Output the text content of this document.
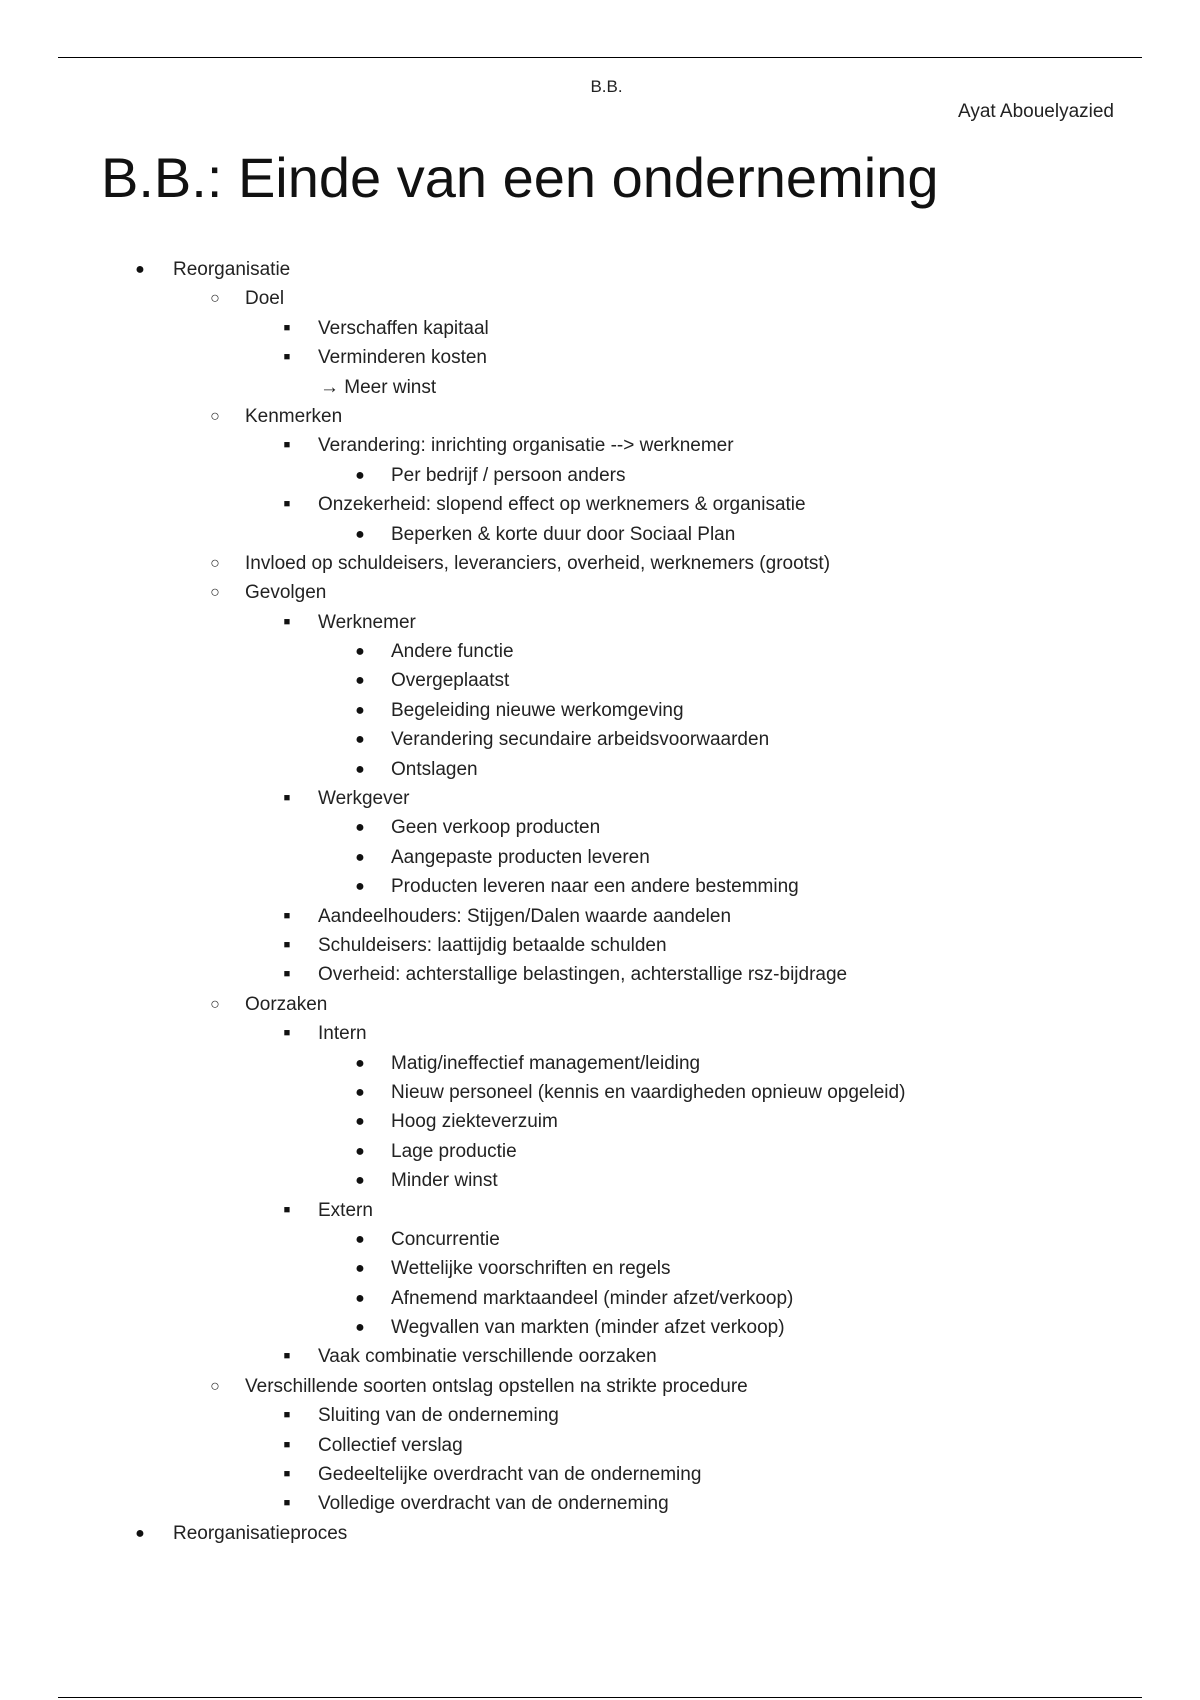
B.B.
Ayat Abouelyazied
B.B.: Einde van een onderneming
● Reorganisatie
○ Doel
■	Verschaffen kapitaal
■	Verminderen kosten
→ Meer winst
○ Kenmerken
■	Verandering: inrichting organisatie --> werknemer
● Per bedrijf / persoon anders
■	Onzekerheid: slopend effect op werknemers & organisatie
● Beperken & korte duur door Sociaal Plan
○ Invloed op schuldeisers, leveranciers, overheid, werknemers (grootst)
○ Gevolgen
■	Werknemer
● Andere functie
● Overgeplaatst
● Begeleiding nieuwe werkomgeving
● Verandering secundaire arbeidsvoorwaarden
● Ontslagen
■	Werkgever
● Geen verkoop producten
● Aangepaste producten leveren
● Producten leveren naar een andere bestemming
■	Aandeelhouders: Stijgen/Dalen waarde aandelen
■	Schuldeisers: laattijdig betaalde schulden
■	Overheid: achterstallige belastingen, achterstallige rsz-bijdrage
○ Oorzaken
■	Intern
● Matig/ineffectief management/leiding
● Nieuw personeel (kennis en vaardigheden opnieuw opgeleid)
● Hoog ziekteverzuim
● Lage productie
● Minder winst
■	Extern
● Concurrentie
● Wettelijke voorschriften en regels
● Afnemend marktaandeel (minder afzet/verkoop)
● Wegvallen van markten (minder afzet verkoop)
■	Vaak combinatie verschillende oorzaken
○ Verschillende soorten ontslag opstellen na strikte procedure
■	Sluiting van de onderneming
■	Collectief verslag
■	Gedeeltelijke overdracht van de onderneming
■	Volledige overdracht van de onderneming
● Reorganisatieproces
